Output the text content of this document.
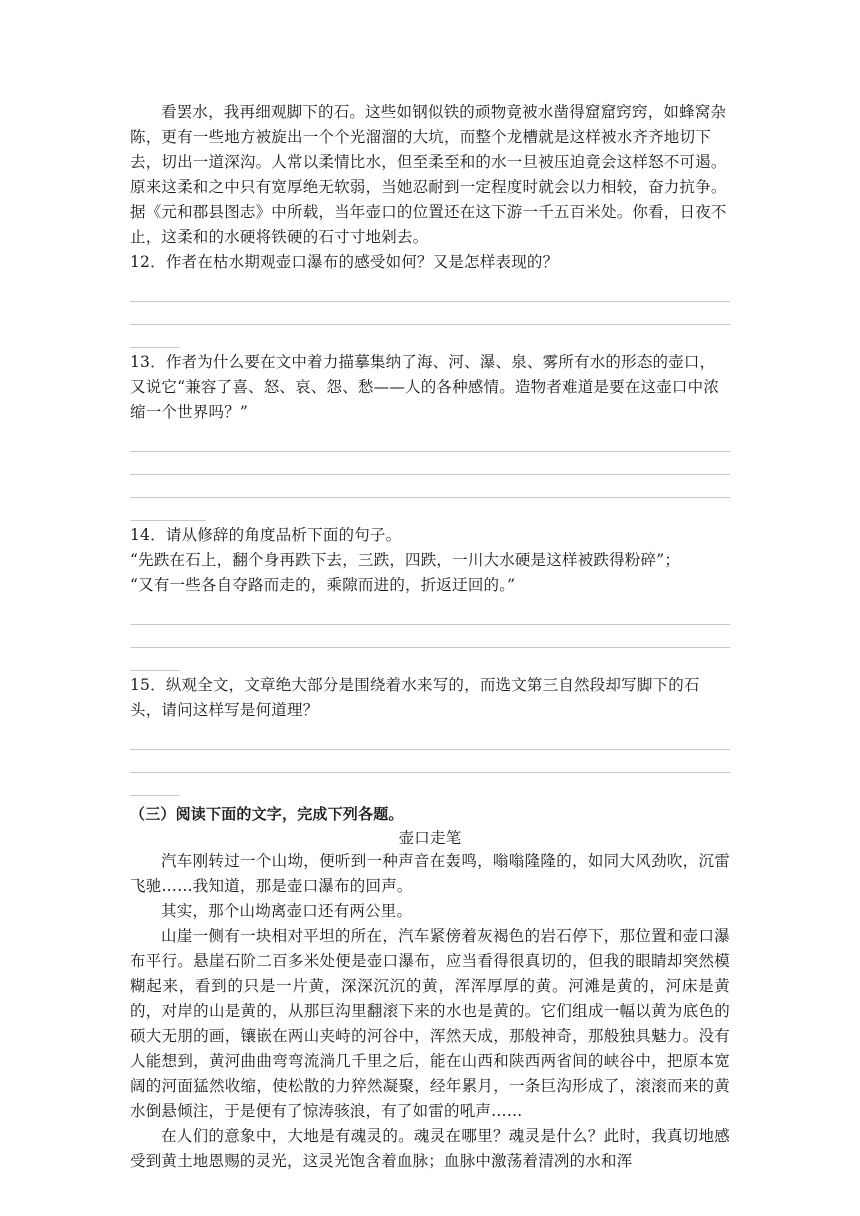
看罢水，我再细观脚下的石。这些如钢似铁的顽物竟被水凿得窟窟窍窍，如蜂窝杂陈，更有一些地方被旋出一个个光溜溜的大坑，而整个龙槽就是这样被水齐齐地切下去，切出一道深沟。人常以柔情比水，但至柔至和的水一旦被压迫竟会这样怒不可遏。原来这柔和之中只有宽厚绝无软弱，当她忍耐到一定程度时就会以力相较，奋力抗争。据《元和郡县图志》中所载，当年壶口的位置还在这下游一千五百米处。你看，日夜不止，这柔和的水硬将铁硬的石寸寸地剁去。

12．作者在枯水期观壶口瀑布的感受如何？又是怎样表现的？

13．作者为什么要在文中着力描摹集纳了海、河、瀑、泉、雾所有水的形态的壶口，又说它“兼容了喜、怒、哀、怨、愁——人的各种感情。造物者难道是要在这壶口中浓缩一个世界吗？”

14．请从修辞的角度品析下面的句子。

“先跌在石上，翻个身再跌下去，三跌，四跌，一川大水硬是这样被跌得粉碎”；

“又有一些各自夺路而走的，乘隙而进的，折返迂回的。”

15．纵观全文，文章绝大部分是围绕着水来写的，而选文第三自然段却写脚下的石头，请问这样写是何道理？

（三）阅读下面的文字，完成下列各题。

壶口走笔

汽车刚转过一个山坳，便听到一种声音在轰鸣，嗡嗡隆隆的，如同大风劲吹，沉雷飞驰……我知道，那是壶口瀑布的回声。

其实，那个山坳离壶口还有两公里。

山崖一侧有一块相对平坦的所在，汽车紧傍着灰褐色的岩石停下，那位置和壶口瀑布平行。悬崖石阶二百多米处便是壶口瀑布，应当看得很真切的，但我的眼睛却突然模糊起来，看到的只是一片黄，深深沉沉的黄，浑浑厚厚的黄。河滩是黄的，河床是黄的，对岸的山是黄的，从那巨沟里翻滚下来的水也是黄的。它们组成一幅以黄为底色的硕大无朋的画，镶嵌在两山夹峙的河谷中，浑然天成，那般神奇，那般独具魅力。没有人能想到，黄河曲曲弯弯流淌几千里之后，能在山西和陕西两省间的峡谷中，把原本宽阔的河面猛然收缩，使松散的力猝然凝聚，经年累月，一条巨沟形成了，滚滚而来的黄水倒悬倾注，于是便有了惊涛骇浪，有了如雷的吼声……

在人们的意象中，大地是有魂灵的。魂灵在哪里？魂灵是什么？此时，我真切地感受到黄土地恩赐的灵光，这灵光饱含着血脉；血脉中激荡着清冽的水和浑
